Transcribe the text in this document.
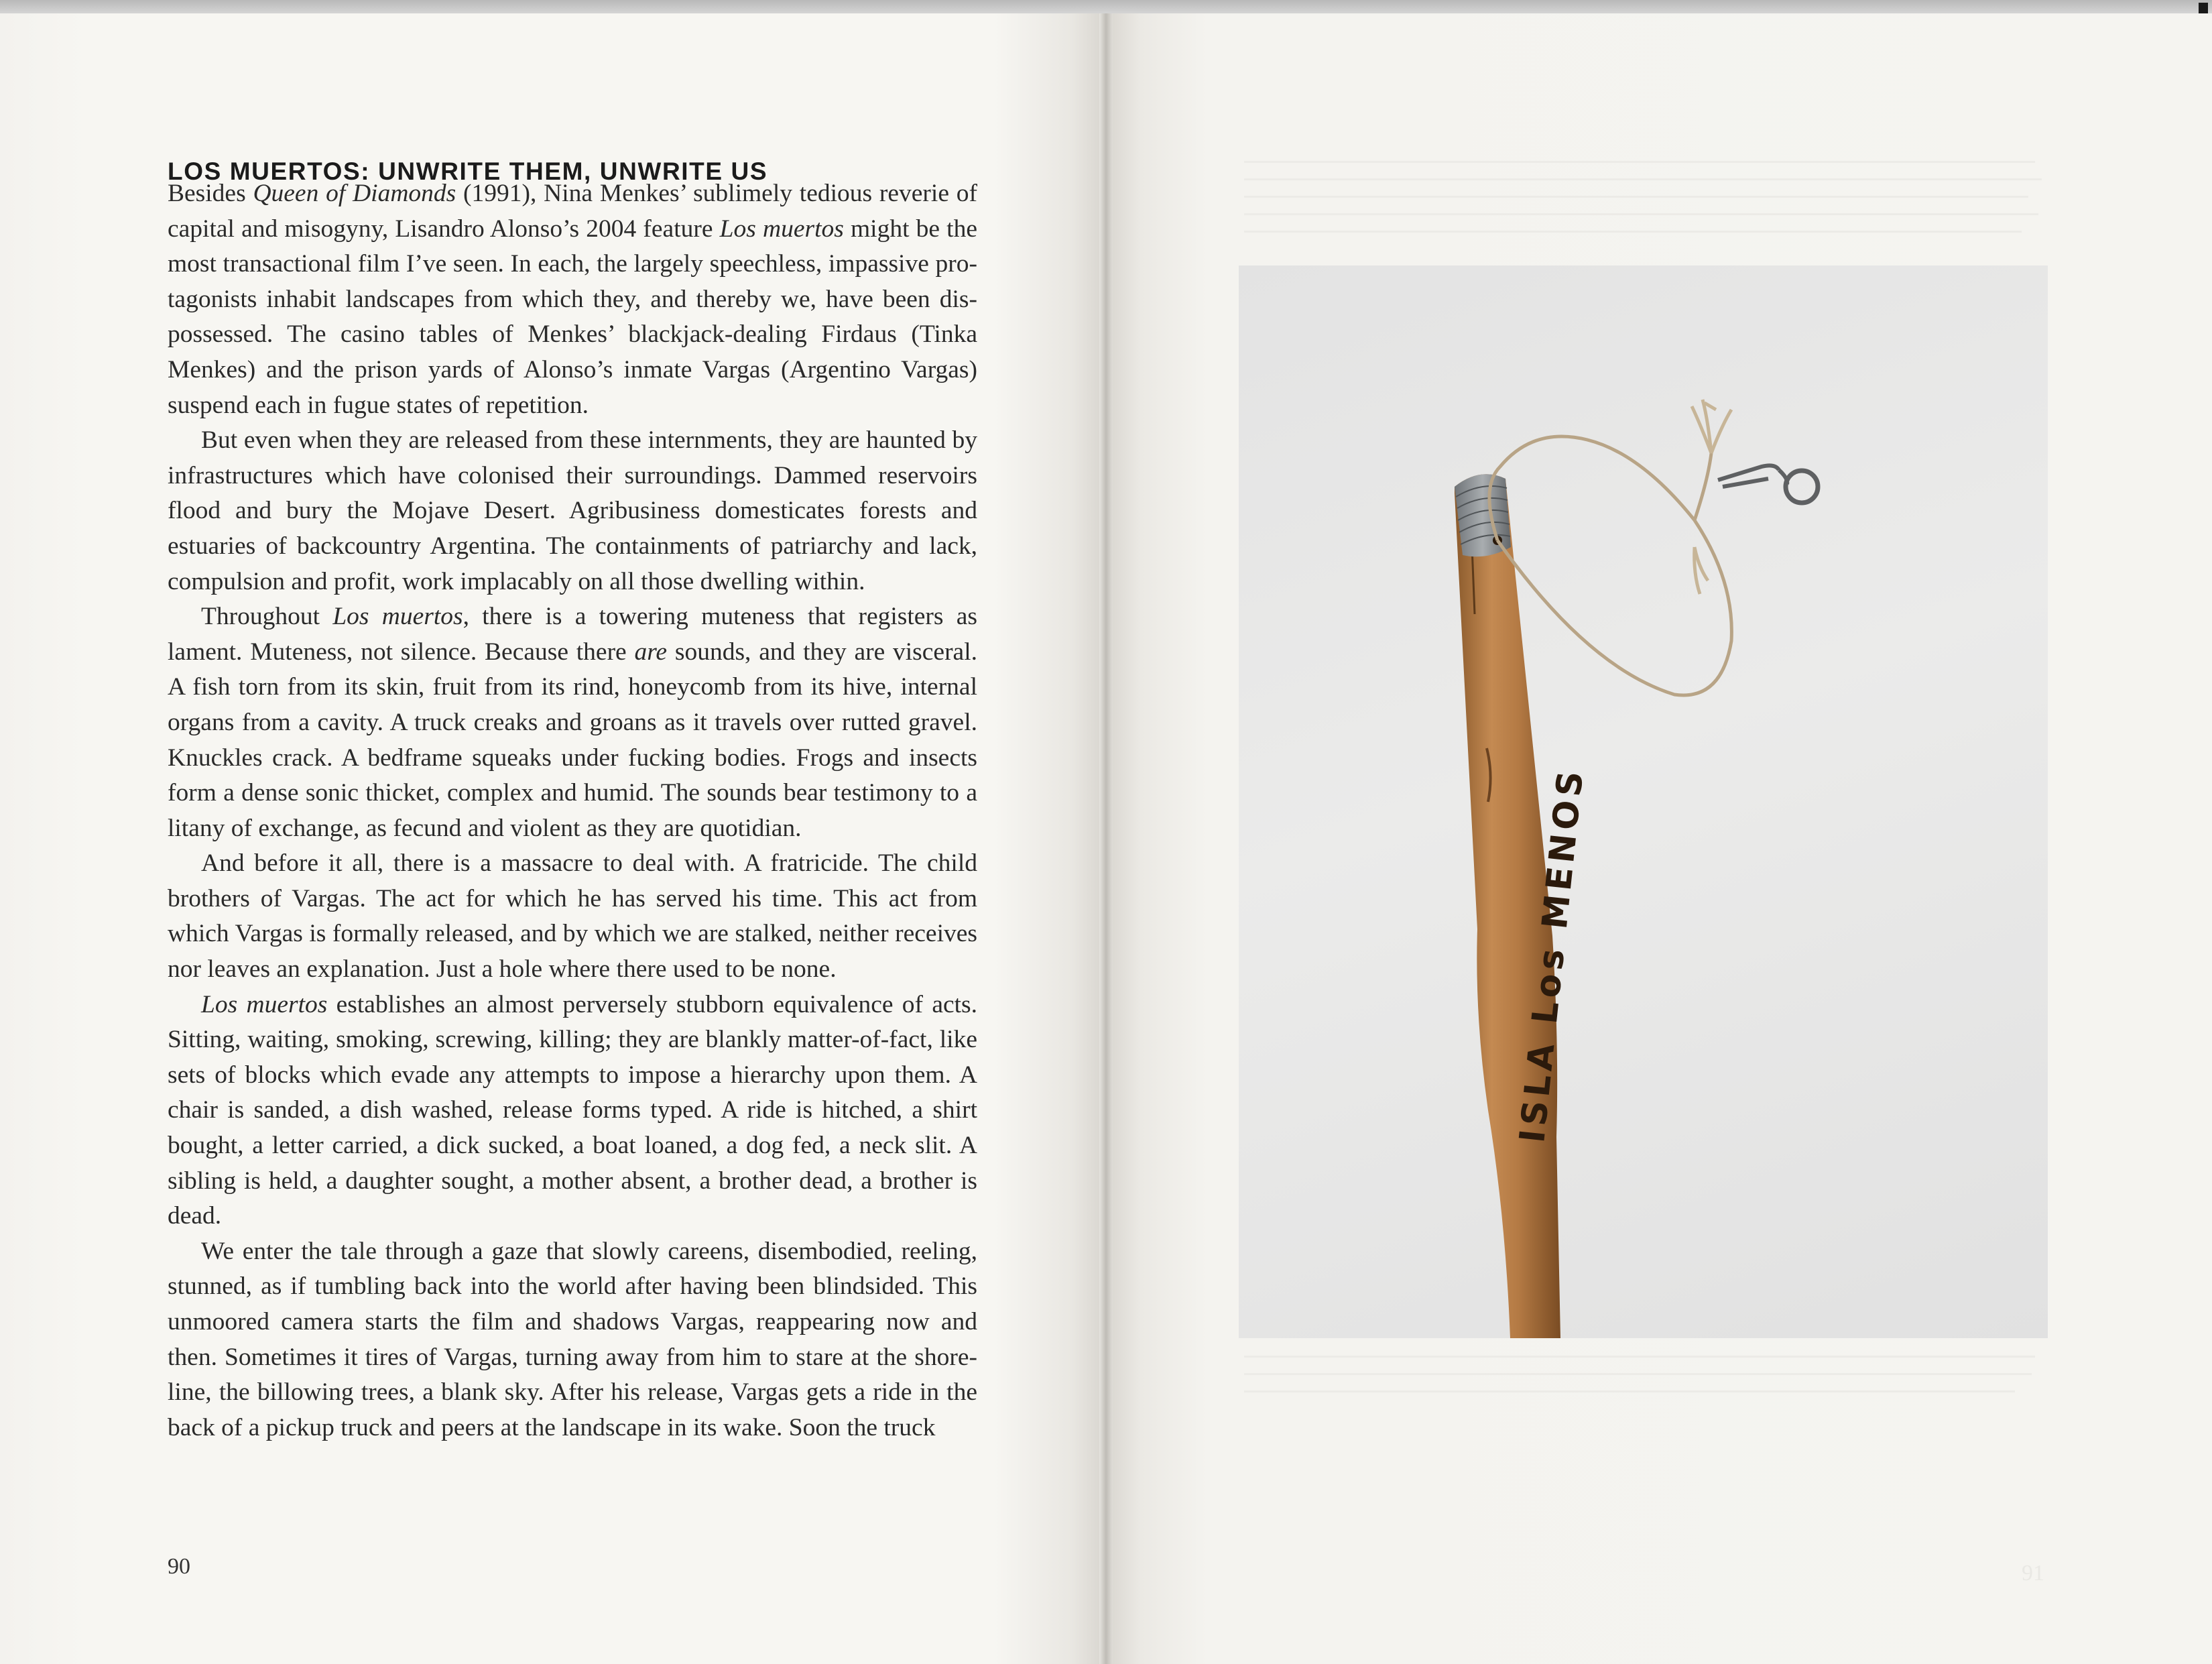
LOS MUERTOS: UNWRITE THEM, UNWRITE US

Besides Queen of Diamonds (1991), Nina Menkes’ sublimely tedious reverie of capital and misogyny, Lisandro Alonso’s 2004 feature Los muertos might be the most transactional film I’ve seen. In each, the largely speechless, impassive protagonists inhabit landscapes from which they, and thereby we, have been dispossessed. The casino tables of Menkes’ blackjack-dealing Firdaus (Tinka Menkes) and the prison yards of Alonso’s inmate Vargas (Argentino Vargas) suspend each in fugue states of repetition.

But even when they are released from these internments, they are haunted by infrastructures which have colonised their surroundings. Dammed reservoirs flood and bury the Mojave Desert. Agribusiness domesticates forests and estuaries of backcountry Argentina. The containments of patriarchy and lack, compulsion and profit, work implacably on all those dwelling within.

Throughout Los muertos, there is a towering muteness that registers as lament. Muteness, not silence. Because there are sounds, and they are visceral. A fish torn from its skin, fruit from its rind, honeycomb from its hive, internal organs from a cavity. A truck creaks and groans as it travels over rutted gravel. Knuckles crack. A bedframe squeaks under fucking bodies. Frogs and insects form a dense sonic thicket, complex and humid. The sounds bear testimony to a litany of exchange, as fecund and violent as they are quotidian.

And before it all, there is a massacre to deal with. A fratricide. The child brothers of Vargas. The act for which he has served his time. This act from which Vargas is formally released, and by which we are stalked, neither receives nor leaves an explanation. Just a hole where there used to be none.

Los muertos establishes an almost perversely stubborn equivalence of acts. Sitting, waiting, smoking, screwing, killing; they are blankly matter-of-fact, like sets of blocks which evade any attempts to impose a hierarchy upon them. A chair is sanded, a dish washed, release forms typed. A ride is hitched, a shirt bought, a letter carried, a dick sucked, a boat loaned, a dog fed, a neck slit. A sibling is held, a daughter sought, a mother absent, a brother dead, a brother is dead.

We enter the tale through a gaze that slowly careens, disembodied, reeling, stunned, as if tumbling back into the world after having been blindsided. This unmoored camera starts the film and shadows Vargas, reappearing now and then. Sometimes it tires of Vargas, turning away from him to stare at the shoreline, the billowing trees, a blank sky. After his release, Vargas gets a ride in the back of a pickup truck and peers at the landscape in its wake. Soon the truck

90	91
ISLA Los MENOS
